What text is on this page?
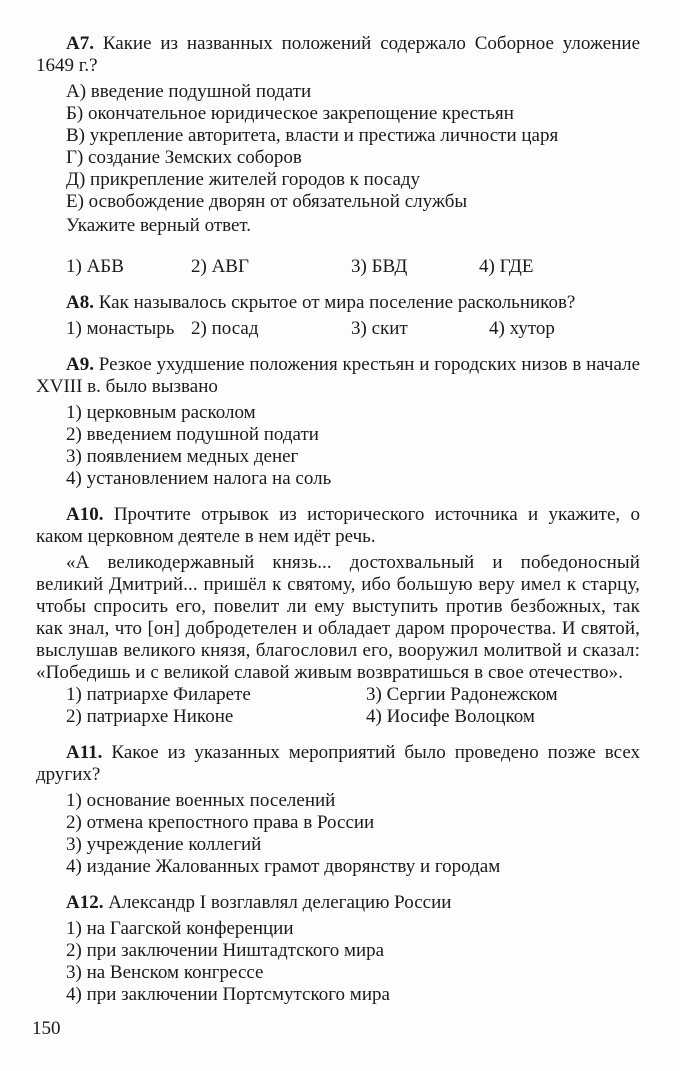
А7. Какие из названных положений содержало Соборное уложение 1649 г.?

А) введение подушной подати

Б) окончательное юридическое закрепощение крестьян

В) укрепление авторитета, власти и престижа личности царя

Г) создание Земских соборов

Д) прикрепление жителей городов к посаду

Е) освобождение дворян от обязательной службы

Укажите верный ответ.

1) АБВ	2) АВГ	3) БВД	4) ГДЕ

А8. Как называлось скрытое от мира поселение раскольников?

1) монастырь 2) посад	3) скит	4) хутор

А9. Резкое ухудшение положения крестьян и городских низов в начале XVIII в. было вызвано

1) церковным расколом

2) введением подушной подати

3) появлением медных денег

4) установлением налога на соль

А10. Прочтите отрывок из исторического источника и укажите, о каком церковном деятеле в нем идёт речь.

«А великодержавный князь... достохвальный и победоносный великий Дмитрий... пришёл к святому, ибо большую веру имел к старцу, чтобы спросить его, повелит ли ему выступить против безбожных, так как знал, что [он] добродетелен и обладает даром пророчества. И святой, выслушав великого князя, благословил его, вооружил молитвой и сказал: «Победишь и с великой славой живым возвратишься в свое отечество».

1) патриархе Филарете	3) Сергии Радонежском
2) патриархе Никоне	4) Иосифе Волоцком

А11. Какое из указанных мероприятий было проведено позже всех других?

1) основание военных поселений

2) отмена крепостного права в России

3) учреждение коллегий

4) издание Жалованных грамот дворянству и городам

А12. Александр I возглавлял делегацию России

1) на Гаагской конференции

2) при заключении Ништадтского мира

3) на Венском конгрессе

4) при заключении Портсмутского мира

150
